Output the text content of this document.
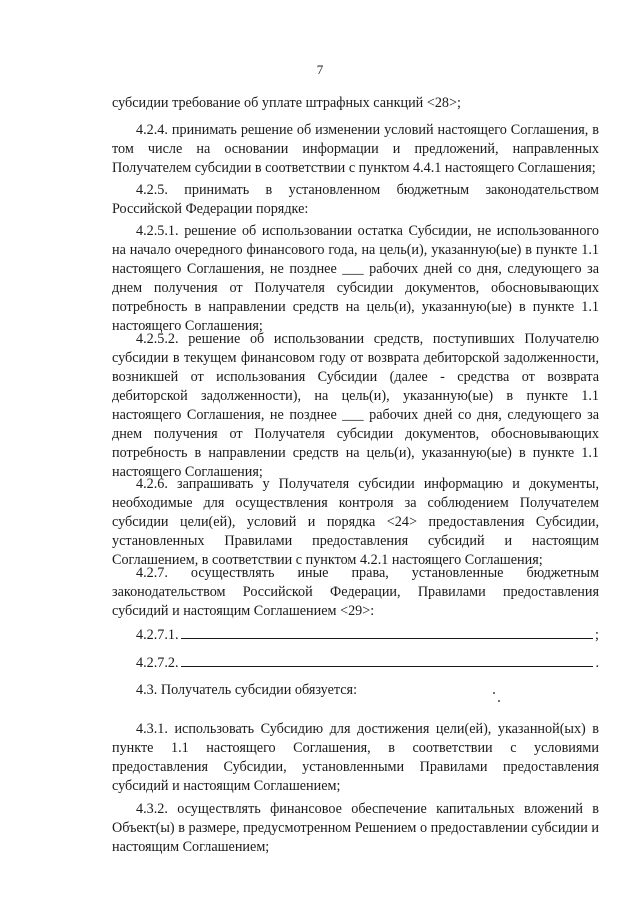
7

субсидии требование об уплате штрафных санкций <28>;

4.2.4. принимать решение об изменении условий настоящего Соглашения, в том числе на основании информации и предложений, направленных Получателем субсидии в соответствии с пунктом 4.4.1 настоящего Соглашения;

4.2.5. принимать в установленном бюджетным законодательством Российской Федерации порядке:

4.2.5.1. решение об использовании остатка Субсидии, не использованного на начало очередного финансового года, на цель(и), указанную(ые) в пункте 1.1 настоящего Соглашения, не позднее ___ рабочих дней со дня, следующего за днем получения от Получателя субсидии документов, обосновывающих потребность в направлении средств на цель(и), указанную(ые) в пункте 1.1 настоящего Соглашения;

4.2.5.2. решение об использовании средств, поступивших Получателю субсидии в текущем финансовом году от возврата дебиторской задолженности, возникшей от использования Субсидии (далее - средства от возврата дебиторской задолженности), на цель(и), указанную(ые) в пункте 1.1 настоящего Соглашения, не позднее ___ рабочих дней со дня, следующего за днем получения от Получателя субсидии документов, обосновывающих потребность в направлении средств на цель(и), указанную(ые) в пункте 1.1 настоящего Соглашения;

4.2.6. запрашивать у Получателя субсидии информацию и документы, необходимые для осуществления контроля за соблюдением Получателем субсидии цели(ей), условий и порядка <24> предоставления Субсидии, установленных Правилами предоставления субсидий и настоящим Соглашением, в соответствии с пунктом 4.2.1 настоящего Соглашения;

4.2.7. осуществлять иные права, установленные бюджетным законодательством Российской Федерации, Правилами предоставления субсидий и настоящим Соглашением <29>:

4.2.7.1.	;
4.2.7.2.	.

4.3. Получатель субсидии обязуется:

4.3.1. использовать Субсидию для достижения цели(ей), указанной(ых) в пункте 1.1 настоящего Соглашения, в соответствии с условиями предоставления Субсидии, установленными Правилами предоставления субсидий и настоящим Соглашением;

4.3.2. осуществлять финансовое обеспечение капитальных вложений в Объект(ы) в размере, предусмотренном Решением о предоставлении субсидии и настоящим Соглашением;
